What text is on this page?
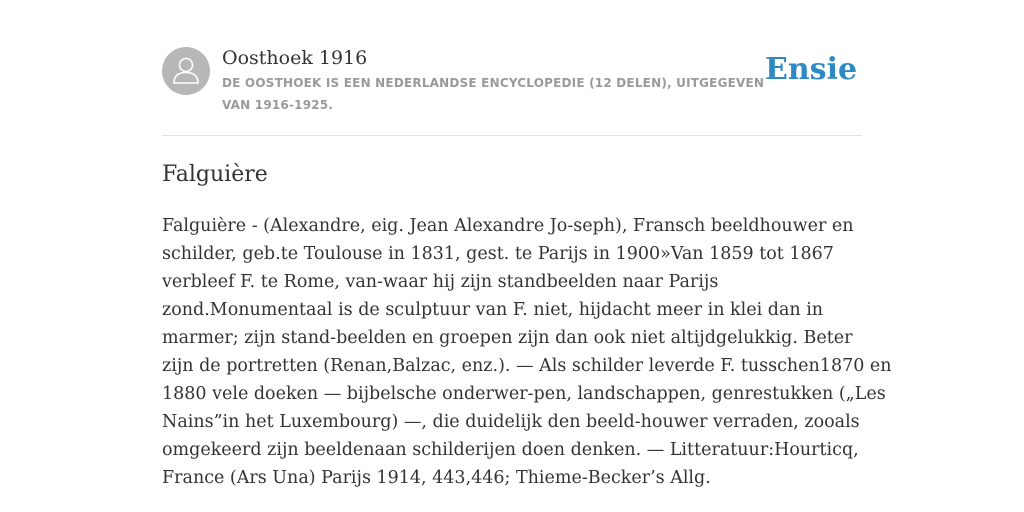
Oosthoek 1916
DE OOSTHOEK IS EEN NEDERLANDSE ENCYCLOPEDIE (12 DELEN), UITGEGEVEN
VAN 1916-1925.
Ensie
Falguière
Falguière - (Alexandre, eig. Jean Alexandre Jo-seph), Fransch beeldhouwer en
schilder, geb.te Toulouse in 1831, gest. te Parijs in 1900»Van 1859 tot 1867
verbleef F. te Rome, van-waar hij zijn standbeelden naar Parijs
zond.Monumentaal is de sculptuur van F. niet, hijdacht meer in klei dan in
marmer; zijn stand-beelden en groepen zijn dan ook niet altijdgelukkig. Beter
zijn de portretten (Renan,Balzac, enz.). — Als schilder leverde F. tusschen1870 en
1880 vele doeken — bijbelsche onderwer-pen, landschappen, genrestukken („Les
Nains”in het Luxembourg) —, die duidelijk den beeld-houwer verraden, zooals
omgekeerd zijn beeldenaan schilderijen doen denken. — Litteratuur:Hourticq,
France (Ars Una) Parijs 1914, 443,446; Thieme-Becker’s Allg.
